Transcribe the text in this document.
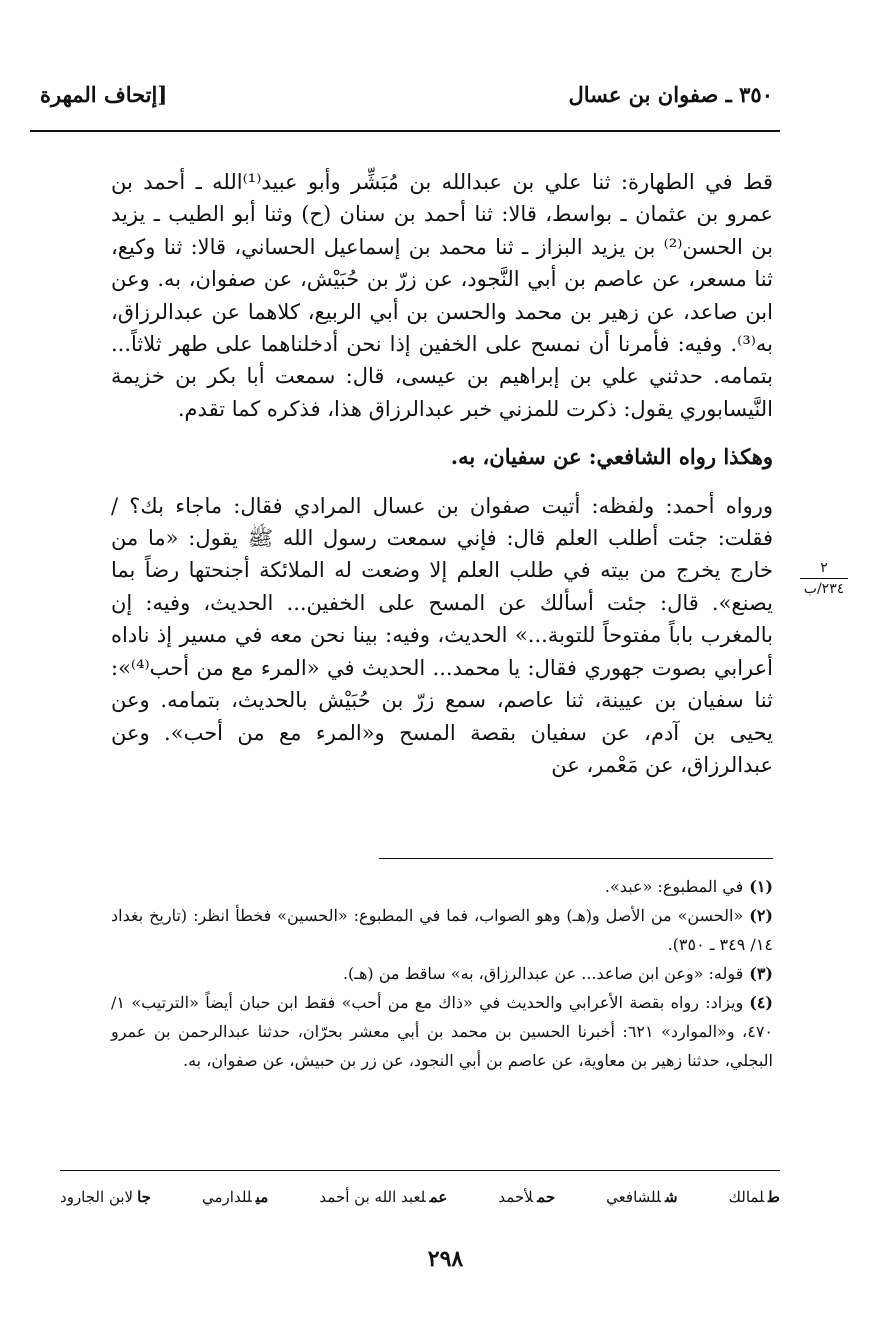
٣٥٠ ـ صفوان بن عسال
[إتحاف المهرة

قط في الطهارة: ثنا علي بن عبدالله بن مُبَشِّر وأبو عبيد⁽¹⁾الله ـ أحمد بن عمرو بن عثمان ـ بواسط، قالا: ثنا أحمد بن سنان (ح) وثنا أبو الطيب ـ يزيد بن الحسن⁽²⁾ بن يزيد البزاز ـ ثنا محمد بن إسماعيل الحساني، قالا: ثنا وكيع، ثنا مسعر، عن عاصم بن أبي النَّجود، عن زرّ بن حُبَيْش، عن صفوان، به. وعن ابن صاعد، عن زهير بن محمد والحسن بن أبي الربيع، كلاهما عن عبدالرزاق، به⁽³⁾. وفيه: فأمرنا أن نمسح على الخفين إذا نحن أدخلناهما على طهر ثلاثاً... بتمامه. حدثني علي بن إبراهيم بن عيسى، قال: سمعت أبا بكر بن خزيمة النَّيسابوري يقول: ذكرت للمزني خبر عبدالرزاق هذا، فذكره كما تقدم.

وهكذا رواه الشافعي: عن سفيان، به.

ورواه أحمد: ولفظه: أتيت صفوان بن عسال المرادي فقال: ماجاء بك؟ / فقلت: جئت أطلب العلم قال: فإني سمعت رسول الله ﷺ يقول: «ما من خارج يخرج من بيته في طلب العلم إلا وضعت له الملائكة أجنحتها رضاً بما يصنع». قال: جئت أسألك عن المسح على الخفين... الحديث، وفيه: إن بالمغرب باباً مفتوحاً للتوبة...» الحديث، وفيه: بينا نحن معه في مسير إذ ناداه أعرابي بصوت جهوري فقال: يا محمد... الحديث في «المرء مع من أحب⁽⁴⁾»: ثنا سفيان بن عيينة، ثنا عاصم، سمع زرّ بن حُبَيْش بالحديث، بتمامه. وعن يحيى بن آدم، عن سفيان بقصة المسح و«المرء مع من أحب». وعن عبدالرزاق، عن مَعْمر، عن

٢
٢٣٤/ب

(١)في المطبوع: «عبد».

(٢)«الحسن» من الأصل و(هـ) وهو الصواب، فما في المطبوع: «الحسين» فخطأ انظر: (تاريخ بغداد ١٤/ ٣٤٩ ـ ٣٥٠).

(٣)قوله: «وعن ابن صاعد... عن عبدالرزاق، به» ساقط من (هـ).

(٤)ويزاد: رواه بقصة الأعرابي والحديث في «ذاك مع من أحب» فقط ابن حبان أيضاً «الترتيب» ١/ ٤٧٠، و«الموارد» ٦٢١: أخبرنا الحسين بن محمد بن أبي معشر بحرّان، حدثنا عبدالرحمن بن عمرو البجلي، حدثنا زهير بن معاوية، عن عاصم بن أبي النجود، عن زر بن حبيش، عن صفوان، به.

طلمالك
شللشافعي
حملأحمد
عملعبد الله بن أحمد
ميللدارمي
جالابن الجارود
٢٩٨
